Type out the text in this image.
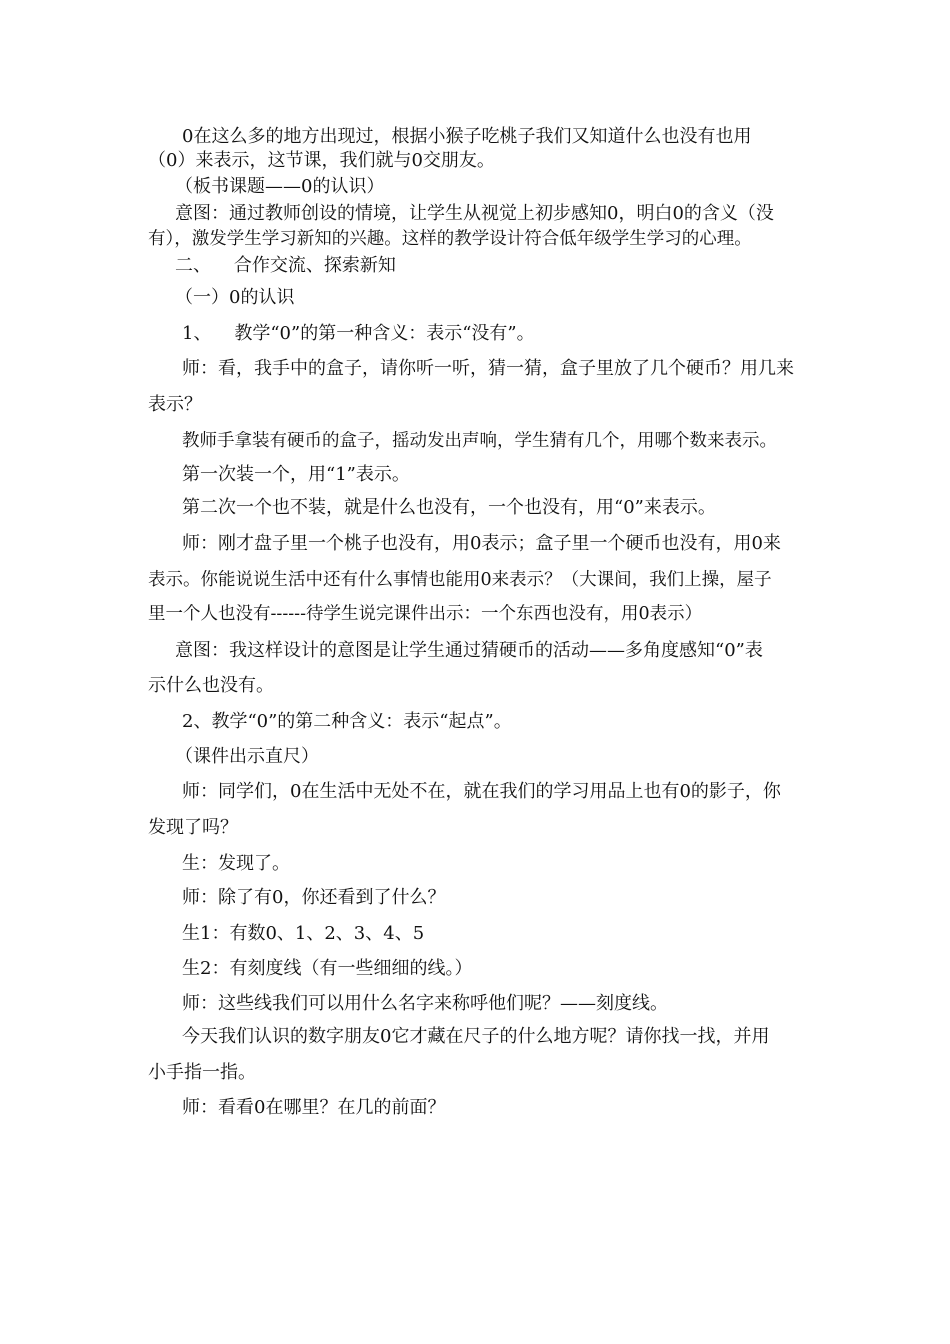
0在这么多的地方出现过，根据小猴子吃桃子我们又知道什么也没有也用
（0）来表示，这节课，我们就与0交朋友。
（板书课题——0的认识）
意图：通过教师创设的情境，让学生从视觉上初步感知0，明白0的含义（没
有），激发学生学习新知的兴趣。这样的教学设计符合低年级学生学习的心理。
二、    合作交流、探索新知
（一）0的认识
1、    教学“0”的第一种含义：表示“没有”。
师：看，我手中的盒子，请你听一听，猜一猜，盒子里放了几个硬币？用几来
表示？
教师手拿装有硬币的盒子，摇动发出声响，学生猜有几个，用哪个数来表示。
第一次装一个，用“1”表示。
第二次一个也不装，就是什么也没有，一个也没有，用“0”来表示。
师：刚才盘子里一个桃子也没有，用0表示；盒子里一个硬币也没有，用0来
表示。你能说说生活中还有什么事情也能用0来表示？（大课间，我们上操，屋子
里一个人也没有------待学生说完课件出示：一个东西也没有，用0表示）
意图：我这样设计的意图是让学生通过猜硬币的活动——多角度感知“0”表
示什么也没有。
2、教学“0”的第二种含义：表示“起点”。
（课件出示直尺）
师：同学们，0在生活中无处不在，就在我们的学习用品上也有0的影子，你
发现了吗？
生：发现了。
师：除了有0，你还看到了什么？
生1：有数0、1、2、3、4、5
生2：有刻度线（有一些细细的线。）
师：这些线我们可以用什么名字来称呼他们呢？——刻度线。
今天我们认识的数字朋友0它才藏在尺子的什么地方呢？请你找一找，并用
小手指一指。
师：看看0在哪里？在几的前面？
